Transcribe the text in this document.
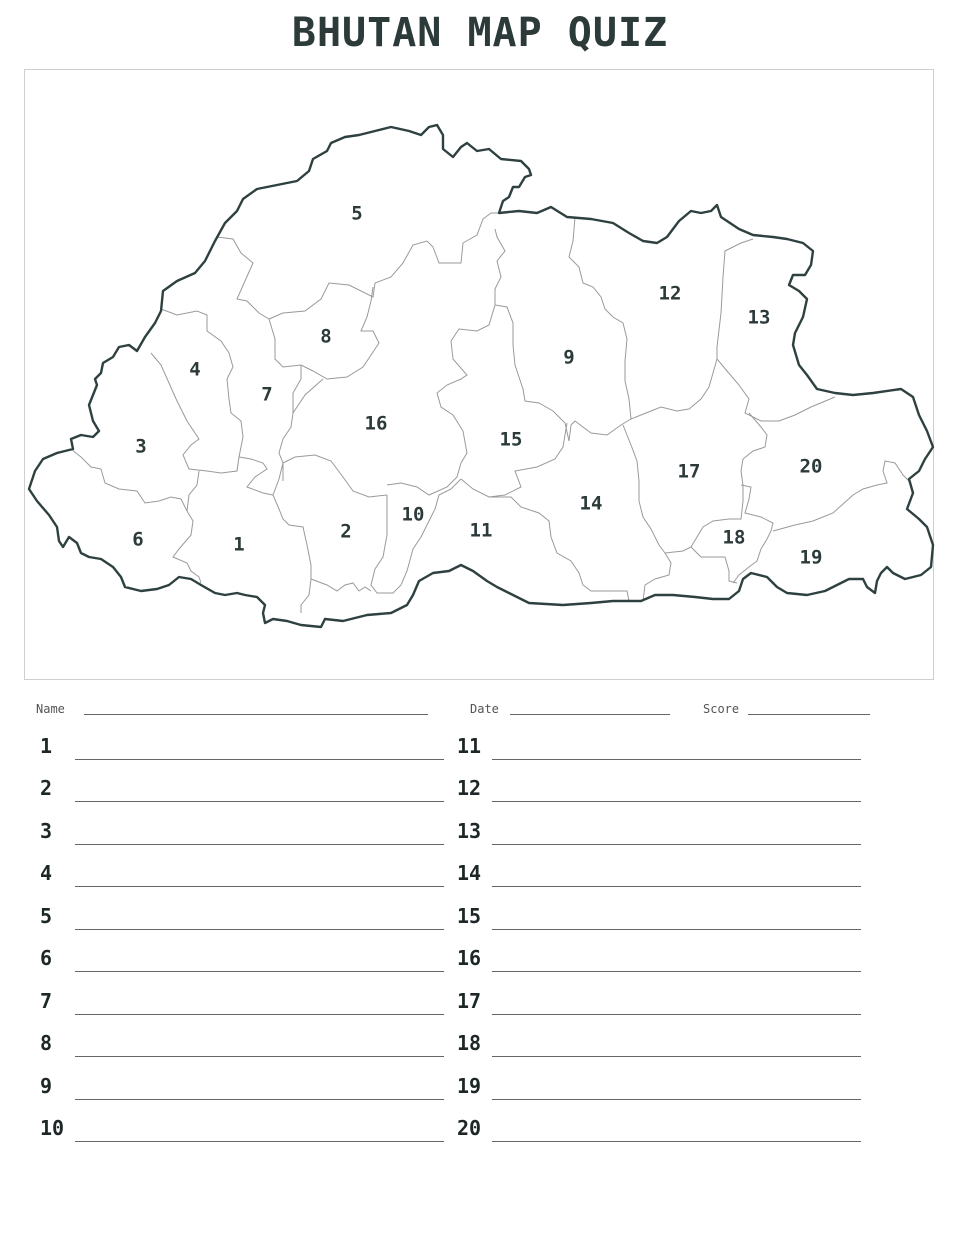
BHUTAN MAP QUIZ
1
2
3
4
5
6
7
8
9
10
11
12
13
14
15
16
17
18
19
20
Name	Date	Score
1
2
3
4
5
6
7
8
9
10
11
12
13
14
15
16
17
18
19
20
